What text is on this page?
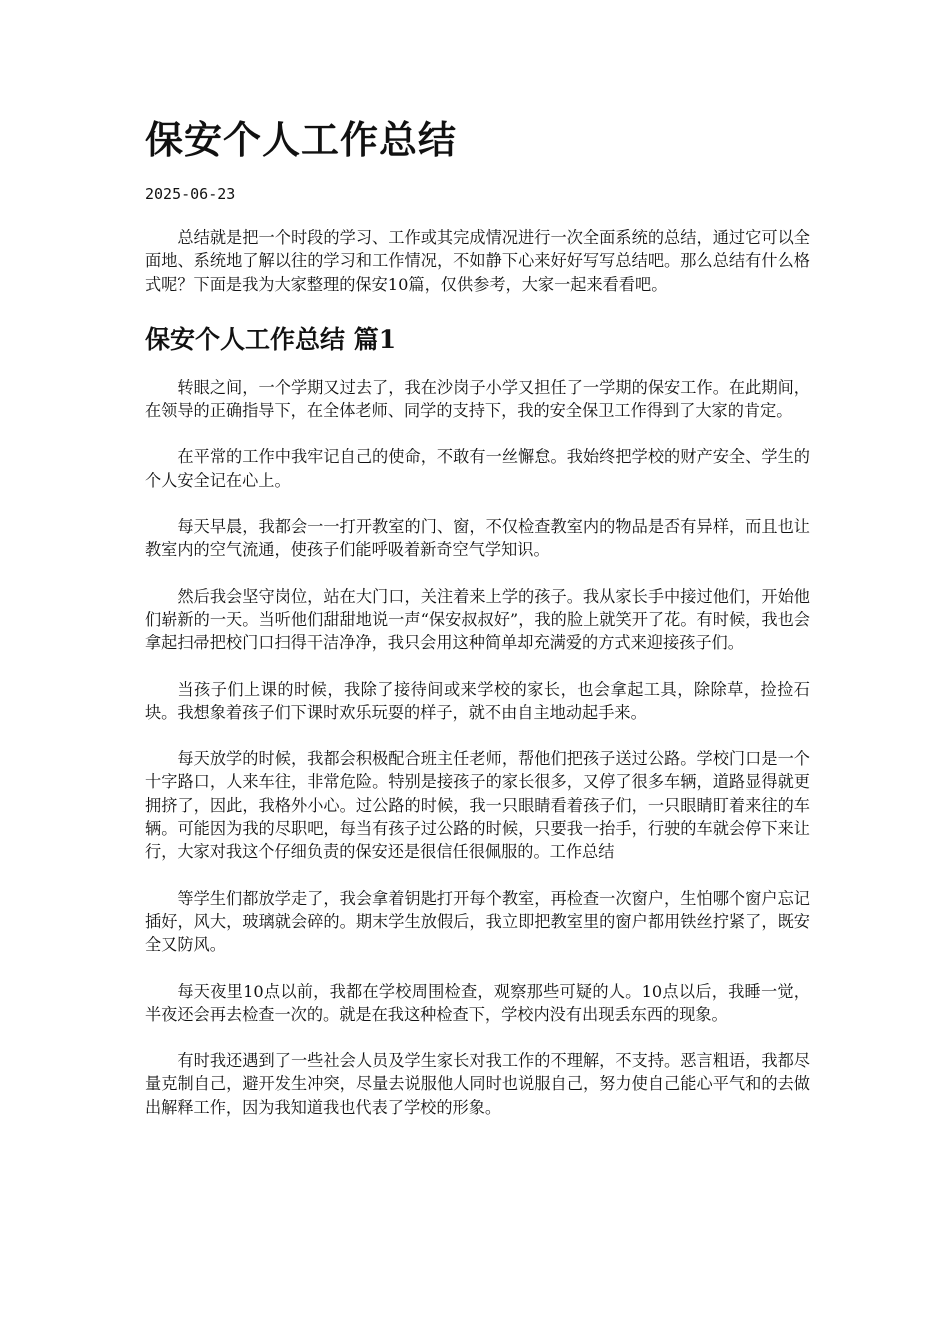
保安个人工作总结
2025-06-23

总结就是把一个时段的学习、工作或其完成情况进行一次全面系统的总结，通过它可以全面地、系统地了解以往的学习和工作情况，不如静下心来好好写写总结吧。那么总结有什么格式呢？下面是我为大家整理的保安10篇，仅供参考，大家一起来看看吧。

保安个人工作总结 篇1

转眼之间，一个学期又过去了，我在沙岗子小学又担任了一学期的保安工作。在此期间，在领导的正确指导下，在全体老师、同学的支持下，我的安全保卫工作得到了大家的肯定。

在平常的工作中我牢记自己的使命，不敢有一丝懈怠。我始终把学校的财产安全、学生的个人安全记在心上。

每天早晨，我都会一一打开教室的门、窗，不仅检查教室内的物品是否有异样，而且也让教室内的空气流通，使孩子们能呼吸着新奇空气学知识。

然后我会坚守岗位，站在大门口，关注着来上学的孩子。我从家长手中接过他们，开始他们崭新的一天。当听他们甜甜地说一声“保安叔叔好”，我的脸上就笑开了花。有时候，我也会拿起扫帚把校门口扫得干洁净净，我只会用这种简单却充满爱的方式来迎接孩子们。

当孩子们上课的时候，我除了接待间或来学校的家长，也会拿起工具，除除草，捡捡石块。我想象着孩子们下课时欢乐玩耍的样子，就不由自主地动起手来。

每天放学的时候，我都会积极配合班主任老师，帮他们把孩子送过公路。学校门口是一个十字路口，人来车往，非常危险。特别是接孩子的家长很多，又停了很多车辆，道路显得就更拥挤了，因此，我格外小心。过公路的时候，我一只眼睛看着孩子们，一只眼睛盯着来往的车辆。可能因为我的尽职吧，每当有孩子过公路的时候，只要我一抬手，行驶的车就会停下来让行，大家对我这个仔细负责的保安还是很信任很佩服的。工作总结

等学生们都放学走了，我会拿着钥匙打开每个教室，再检查一次窗户，生怕哪个窗户忘记插好，风大，玻璃就会碎的。期末学生放假后，我立即把教室里的窗户都用铁丝拧紧了，既安全又防风。

每天夜里10点以前，我都在学校周围检查，观察那些可疑的人。10点以后，我睡一觉，半夜还会再去检查一次的。就是在我这种检查下，学校内没有出现丢东西的现象。

有时我还遇到了一些社会人员及学生家长对我工作的不理解，不支持。恶言粗语，我都尽量克制自己，避开发生冲突，尽量去说服他人同时也说服自己，努力使自己能心平气和的去做出解释工作，因为我知道我也代表了学校的形象。
